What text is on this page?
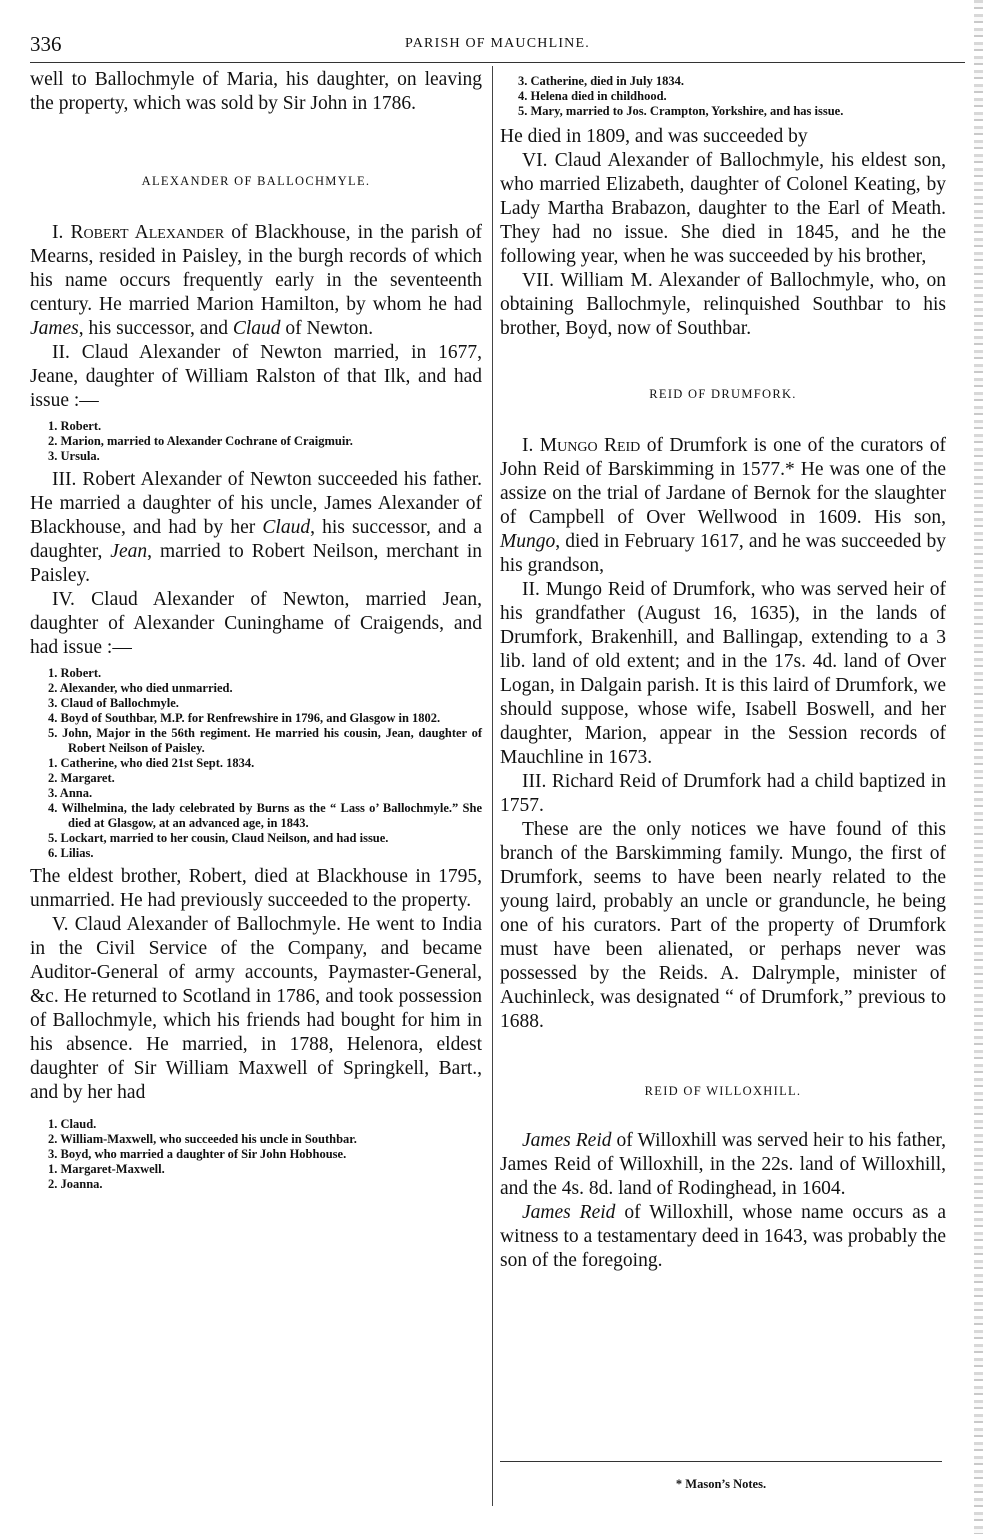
336	PARISH OF MAUCHLINE.

well to Ballochmyle of Maria, his daughter, on leaving the property, which was sold by Sir John in 1786.

ALEXANDER OF BALLOCHMYLE.

I. Robert Alexander of Blackhouse, in the parish of Mearns, resided in Paisley, in the burgh records of which his name occurs frequently early in the seventeenth century. He married Marion Hamilton, by whom he had James, his successor, and Claud of Newton.

II. Claud Alexander of Newton married, in 1677, Jeane, daughter of William Ralston of that Ilk, and had issue :—

1. Robert.
2. Marion, married to Alexander Cochrane of Craigmuir.
3. Ursula.

III. Robert Alexander of Newton succeeded his father. He married a daughter of his uncle, James Alexander of Blackhouse, and had by her Claud, his successor, and a daughter, Jean, married to Robert Neilson, merchant in Paisley.

IV. Claud Alexander of Newton, married Jean, daughter of Alexander Cuninghame of Craigends, and had issue :—

1. Robert.
2. Alexander, who died unmarried.
3. Claud of Ballochmyle.
4. Boyd of Southbar, M.P. for Renfrewshire in 1796, and Glasgow in 1802.
5. John, Major in the 56th regiment. He married his cousin, Jean, daughter of Robert Neilson of Paisley.
1. Catherine, who died 21st Sept. 1834.
2. Margaret.
3. Anna.
4. Wilhelmina, the lady celebrated by Burns as the “ Lass o’ Ballochmyle.” She died at Glasgow, at an advanced age, in 1843.
5. Lockart, married to her cousin, Claud Neilson, and had issue.
6. Lilias.

The eldest brother, Robert, died at Blackhouse in 1795, unmarried. He had previously succeeded to the property.

V. Claud Alexander of Ballochmyle. He went to India in the Civil Service of the Company, and became Auditor-General of army accounts, Paymaster-General, &c. He returned to Scotland in 1786, and took possession of Ballochmyle, which his friends had bought for him in his absence. He married, in 1788, Helenora, eldest daughter of Sir William Maxwell of Springkell, Bart., and by her had

1. Claud.
2. William-Maxwell, who succeeded his uncle in Southbar.
3. Boyd, who married a daughter of Sir John Hobhouse.
1. Margaret-Maxwell.
2. Joanna.
3. Catherine, died in July 1834.
4. Helena died in childhood.
5. Mary, married to Jos. Crampton, Yorkshire, and has issue.

He died in 1809, and was succeeded by

VI. Claud Alexander of Ballochmyle, his eldest son, who married Elizabeth, daughter of Colonel Keating, by Lady Martha Brabazon, daughter to the Earl of Meath. They had no issue. She died in 1845, and he the following year, when he was succeeded by his brother,

VII. William M. Alexander of Ballochmyle, who, on obtaining Ballochmyle, relinquished Southbar to his brother, Boyd, now of Southbar.

REID OF DRUMFORK.

I. Mungo Reid of Drumfork is one of the curators of John Reid of Barskimming in 1577.* He was one of the assize on the trial of Jardane of Bernok for the slaughter of Campbell of Over Wellwood in 1609. His son, Mungo, died in February 1617, and he was succeeded by his grandson,

II. Mungo Reid of Drumfork, who was served heir of his grandfather (August 16, 1635), in the lands of Drumfork, Brakenhill, and Ballingap, extending to a 3 lib. land of old extent; and in the 17s. 4d. land of Over Logan, in Dalgain parish. It is this laird of Drumfork, we should suppose, whose wife, Isabell Boswell, and her daughter, Marion, appear in the Session records of Mauchline in 1673.

III. Richard Reid of Drumfork had a child baptized in 1757.

These are the only notices we have found of this branch of the Barskimming family. Mungo, the first of Drumfork, seems to have been nearly related to the young laird, probably an uncle or granduncle, he being one of his curators. Part of the property of Drumfork must have been alienated, or perhaps never was possessed by the Reids. A. Dalrymple, minister of Auchinleck, was designated “ of Drumfork,” previous to 1688.

REID OF WILLOXHILL.

James Reid of Willoxhill was served heir to his father, James Reid of Willoxhill, in the 22s. land of Willoxhill, and the 4s. 8d. land of Rodinghead, in 1604.

James Reid of Willoxhill, whose name occurs as a witness to a testamentary deed in 1643, was probably the son of the foregoing.

* Mason’s Notes.
